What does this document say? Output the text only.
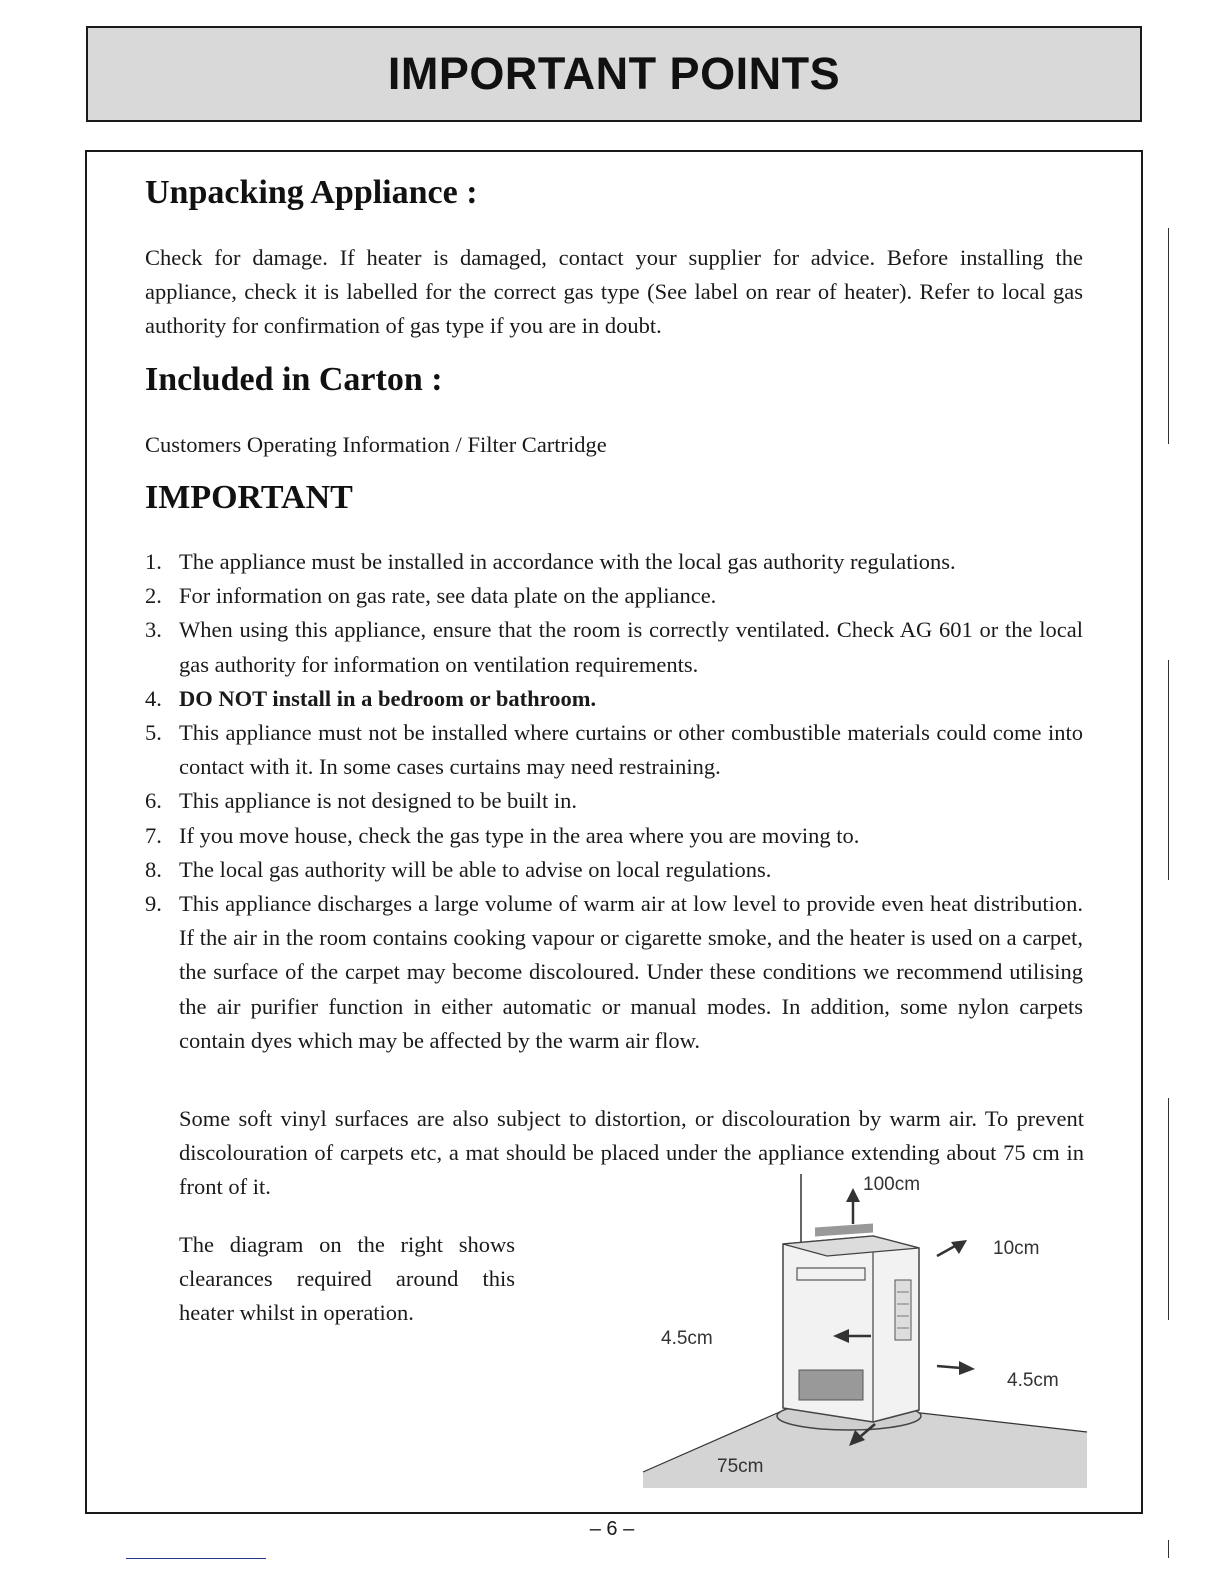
IMPORTANT POINTS
Unpacking Appliance :

Check for damage. If heater is damaged, contact your supplier for advice. Before installing the appliance, check it is labelled for the correct gas type (See label on rear of heater). Refer to local gas authority for confirmation of gas type if you are in doubt.

Included in Carton :

Customers Operating Information / Filter Cartridge

IMPORTANT
1. The appliance must be installed in accordance with the local gas authority regulations.
2. For information on gas rate, see data plate on the appliance.
3. When using this appliance, ensure that the room is correctly ventilated. Check AG 601 or the local gas authority for information on ventilation requirements.
4. DO NOT install in a bedroom or bathroom.
5. This appliance must not be installed where curtains or other combustible materials could come into contact with it. In some cases curtains may need restraining.
6. This appliance is not designed to be built in.
7. If you move house, check the gas type in the area where you are moving to.
8. The local gas authority will be able to advise on local regulations.
9. This appliance discharges a large volume of warm air at low level to provide even heat distribution. If the air in the room contains cooking vapour or cigarette smoke, and the heater is used on a carpet, the surface of the carpet may become discoloured. Under these conditions we recommend utilising the air purifier function in either automatic or manual modes. In addition, some nylon carpets contain dyes which may be affected by the warm air flow.

Some soft vinyl surfaces are also subject to distortion, or discolouration by warm air. To prevent discolouration of carpets etc, a mat should be placed under the appliance extending about 75 cm in front of it.

The diagram on the right shows clearances required around this heater whilst in operation.

100cm
10cm
4.5cm
4.5cm
75cm
– 6 –
